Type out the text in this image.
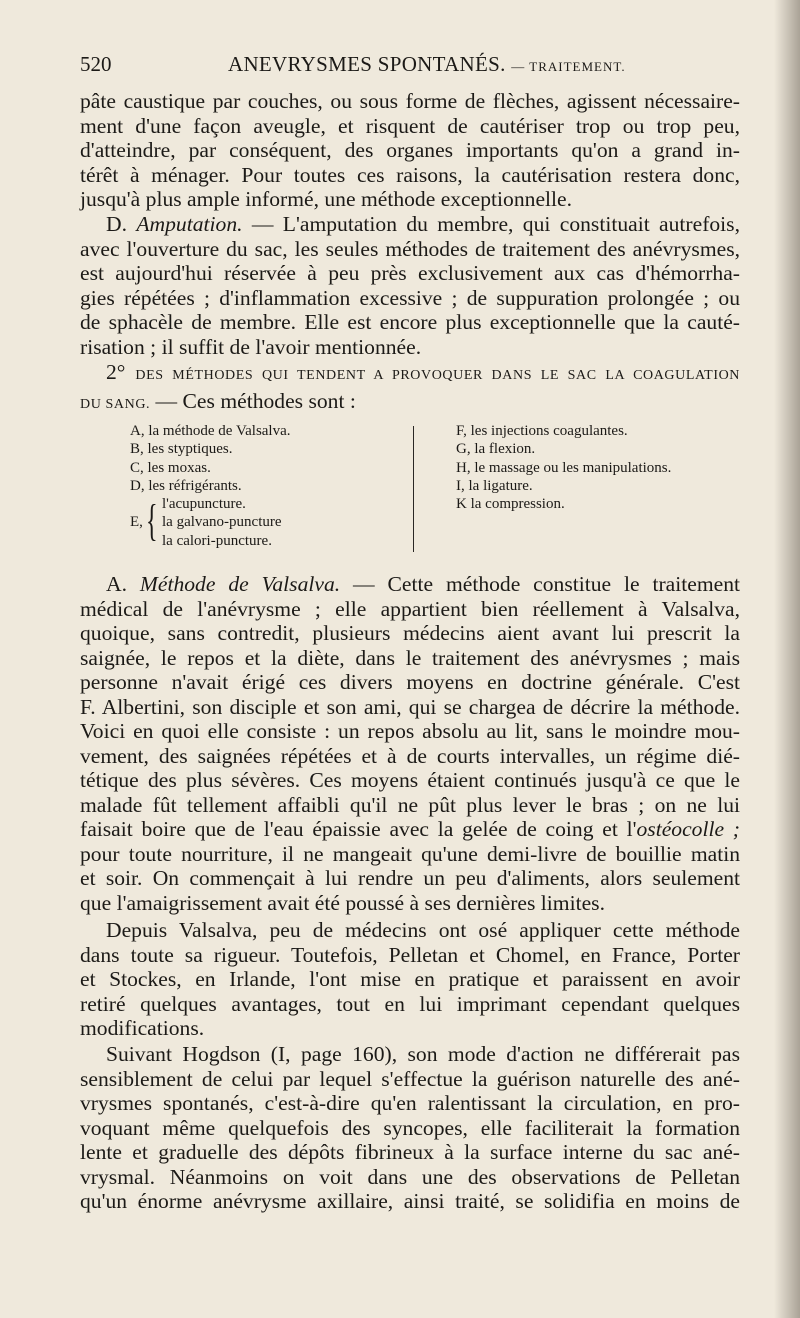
520	ANEVRYSMES SPONTANÉS. — TRAITEMENT.

pâte caustique par couches, ou sous forme de flèches, agissent nécessaire-

ment d'une façon aveugle, et risquent de cautériser trop ou trop peu,

d'atteindre, par conséquent, des organes importants qu'on a grand in-

térêt à ménager. Pour toutes ces raisons, la cautérisation restera donc,

jusqu'à plus ample informé, une méthode exceptionnelle.

D. Amputation. — L'amputation du membre, qui constituait autrefois,

avec l'ouverture du sac, les seules méthodes de traitement des anévrysmes,

est aujourd'hui réservée à peu près exclusivement aux cas d'hémorrha-

gies répétées ; d'inflammation excessive ; de suppuration prolongée ; ou

de sphacèle de membre. Elle est encore plus exceptionnelle que la cauté-

risation ; il suffit de l'avoir mentionnée.

2° DES MÉTHODES QUI TENDENT A PROVOQUER DANS LE SAC LA COAGULATION

DU SANG. — Ces méthodes sont :

A, la méthode de Valsalva.
B, les styptiques.
C, les moxas.
D, les réfrigérants.
E, { l'acupuncture.
la galvano-puncture
la calori-puncture.
F, les injections coagulantes.
G, la flexion.
H, le massage ou les manipulations.
I, la ligature.
K la compression.

A. Méthode de Valsalva. — Cette méthode constitue le traitement

médical de l'anévrysme ; elle appartient bien réellement à Valsalva,

quoique, sans contredit, plusieurs médecins aient avant lui prescrit la

saignée, le repos et la diète, dans le traitement des anévrysmes ; mais

personne n'avait érigé ces divers moyens en doctrine générale. C'est

F. Albertini, son disciple et son ami, qui se chargea de décrire la méthode.

Voici en quoi elle consiste : un repos absolu au lit, sans le moindre mou-

vement, des saignées répétées et à de courts intervalles, un régime dié-

tétique des plus sévères. Ces moyens étaient continués jusqu'à ce que le

malade fût tellement affaibli qu'il ne pût plus lever le bras ; on ne lui

faisait boire que de l'eau épaissie avec la gelée de coing et l'ostéocolle ;

pour toute nourriture, il ne mangeait qu'une demi-livre de bouillie matin

et soir. On commençait à lui rendre un peu d'aliments, alors seulement

que l'amaigrissement avait été poussé à ses dernières limites.

Depuis Valsalva, peu de médecins ont osé appliquer cette méthode

dans toute sa rigueur. Toutefois, Pelletan et Chomel, en France, Porter

et Stockes, en Irlande, l'ont mise en pratique et paraissent en avoir

retiré quelques avantages, tout en lui imprimant cependant quelques

modifications.

Suivant Hogdson (I, page 160), son mode d'action ne différerait pas

sensiblement de celui par lequel s'effectue la guérison naturelle des ané-

vrysmes spontanés, c'est-à-dire qu'en ralentissant la circulation, en pro-

voquant même quelquefois des syncopes, elle faciliterait la formation

lente et graduelle des dépôts fibrineux à la surface interne du sac ané-

vrysmal. Néanmoins on voit dans une des observations de Pelletan

qu'un énorme anévrysme axillaire, ainsi traité, se solidifia en moins de
